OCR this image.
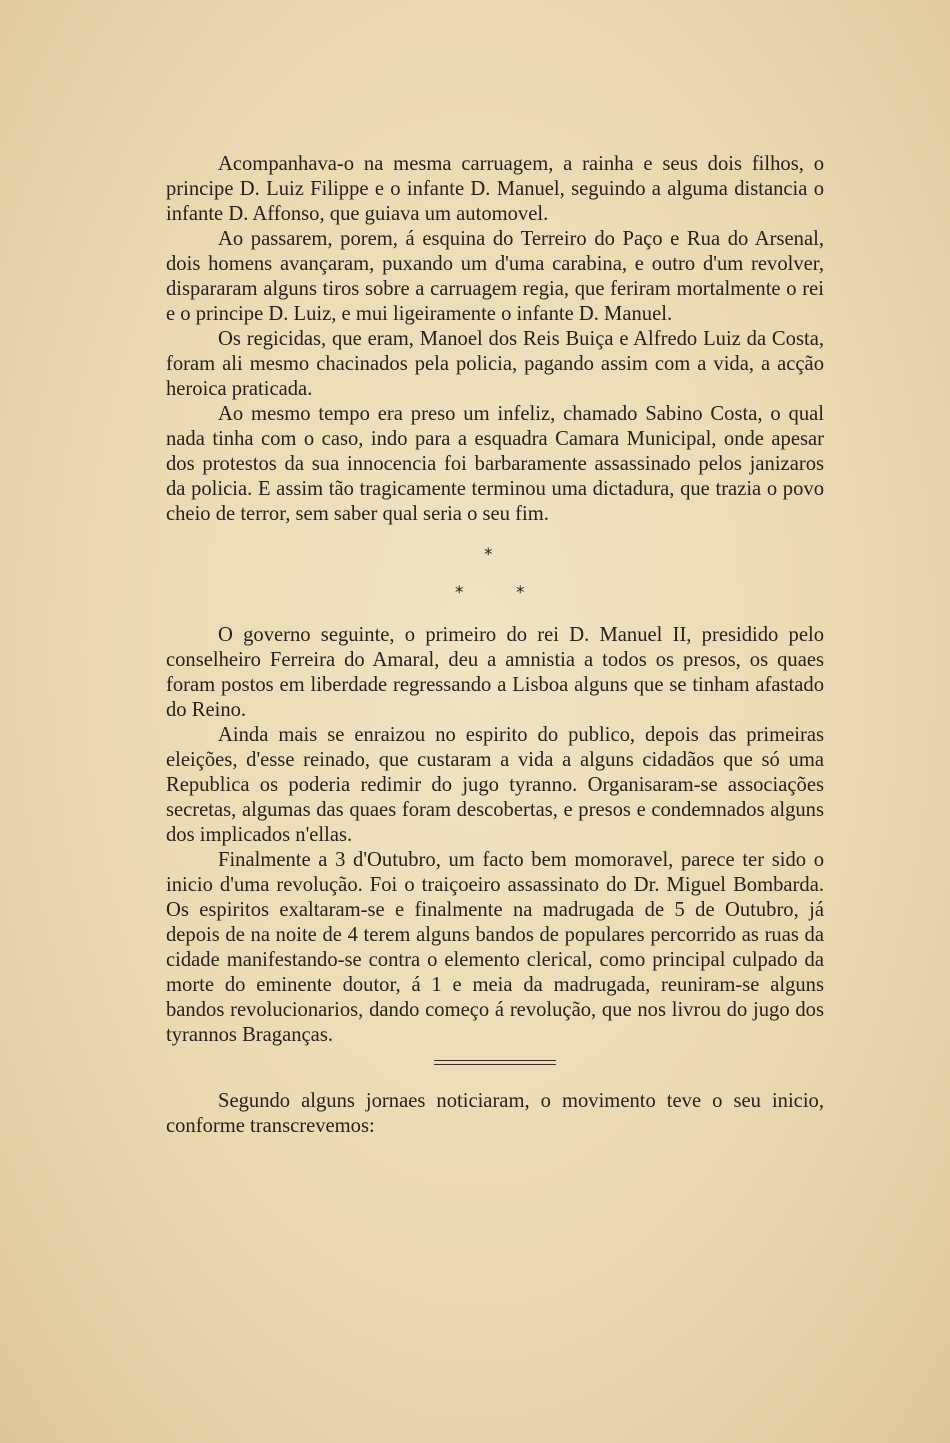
Acompanhava-o na mesma carruagem, a rainha e seus dois filhos, o principe D. Luiz Filippe e o infante D. Manuel, seguindo a alguma distancia o infante D. Affonso, que guiava um automovel.

Ao passarem, porem, á esquina do Terreiro do Paço e Rua do Arsenal, dois homens avançaram, puxando um d'uma carabina, e outro d'um revolver, dispararam alguns tiros sobre a carruagem regia, que feriram mortalmente o rei e o principe D. Luiz, e mui ligeiramente o infante D. Manuel.

Os regicidas, que eram, Manoel dos Reis Buiça e Alfredo Luiz da Costa, foram ali mesmo chacinados pela policia, pagando assim com a vida, a acção heroica praticada.

Ao mesmo tempo era preso um infeliz, chamado Sabino Costa, o qual nada tinha com o caso, indo para a esquadra Camara Municipal, onde apesar dos protestos da sua innocencia foi barbaramente assassinado pelos janizaros da policia. E assim tão tragicamente terminou uma dictadura, que trazia o povo cheio de terror, sem saber qual seria o seu fim.

*
*	*

O governo seguinte, o primeiro do rei D. Manuel II, presidido pelo conselheiro Ferreira do Amaral, deu a amnistia a todos os presos, os quaes foram postos em liberdade regressando a Lisboa alguns que se tinham afastado do Reino.

Ainda mais se enraizou no espirito do publico, depois das primeiras eleições, d'esse reinado, que custaram a vida a alguns cidadãos que só uma Republica os poderia redimir do jugo tyranno. Organisaram-se associações secretas, algumas das quaes foram descobertas, e presos e condemnados alguns dos implicados n'ellas.

Finalmente a 3 d'Outubro, um facto bem momoravel, parece ter sido o inicio d'uma revolução. Foi o traiçoeiro assassinato do Dr. Miguel Bombarda. Os espiritos exaltaram-se e finalmente na madrugada de 5 de Outubro, já depois de na noite de 4 terem alguns bandos de populares percorrido as ruas da cidade manifestando-se contra o elemento clerical, como principal culpado da morte do eminente doutor, á 1 e meia da madrugada, reuniram-se alguns bandos revolucionarios, dando começo á revolução, que nos livrou do jugo dos tyrannos Braganças.

Segundo alguns jornaes noticiaram, o movimento teve o seu inicio, conforme transcrevemos:
